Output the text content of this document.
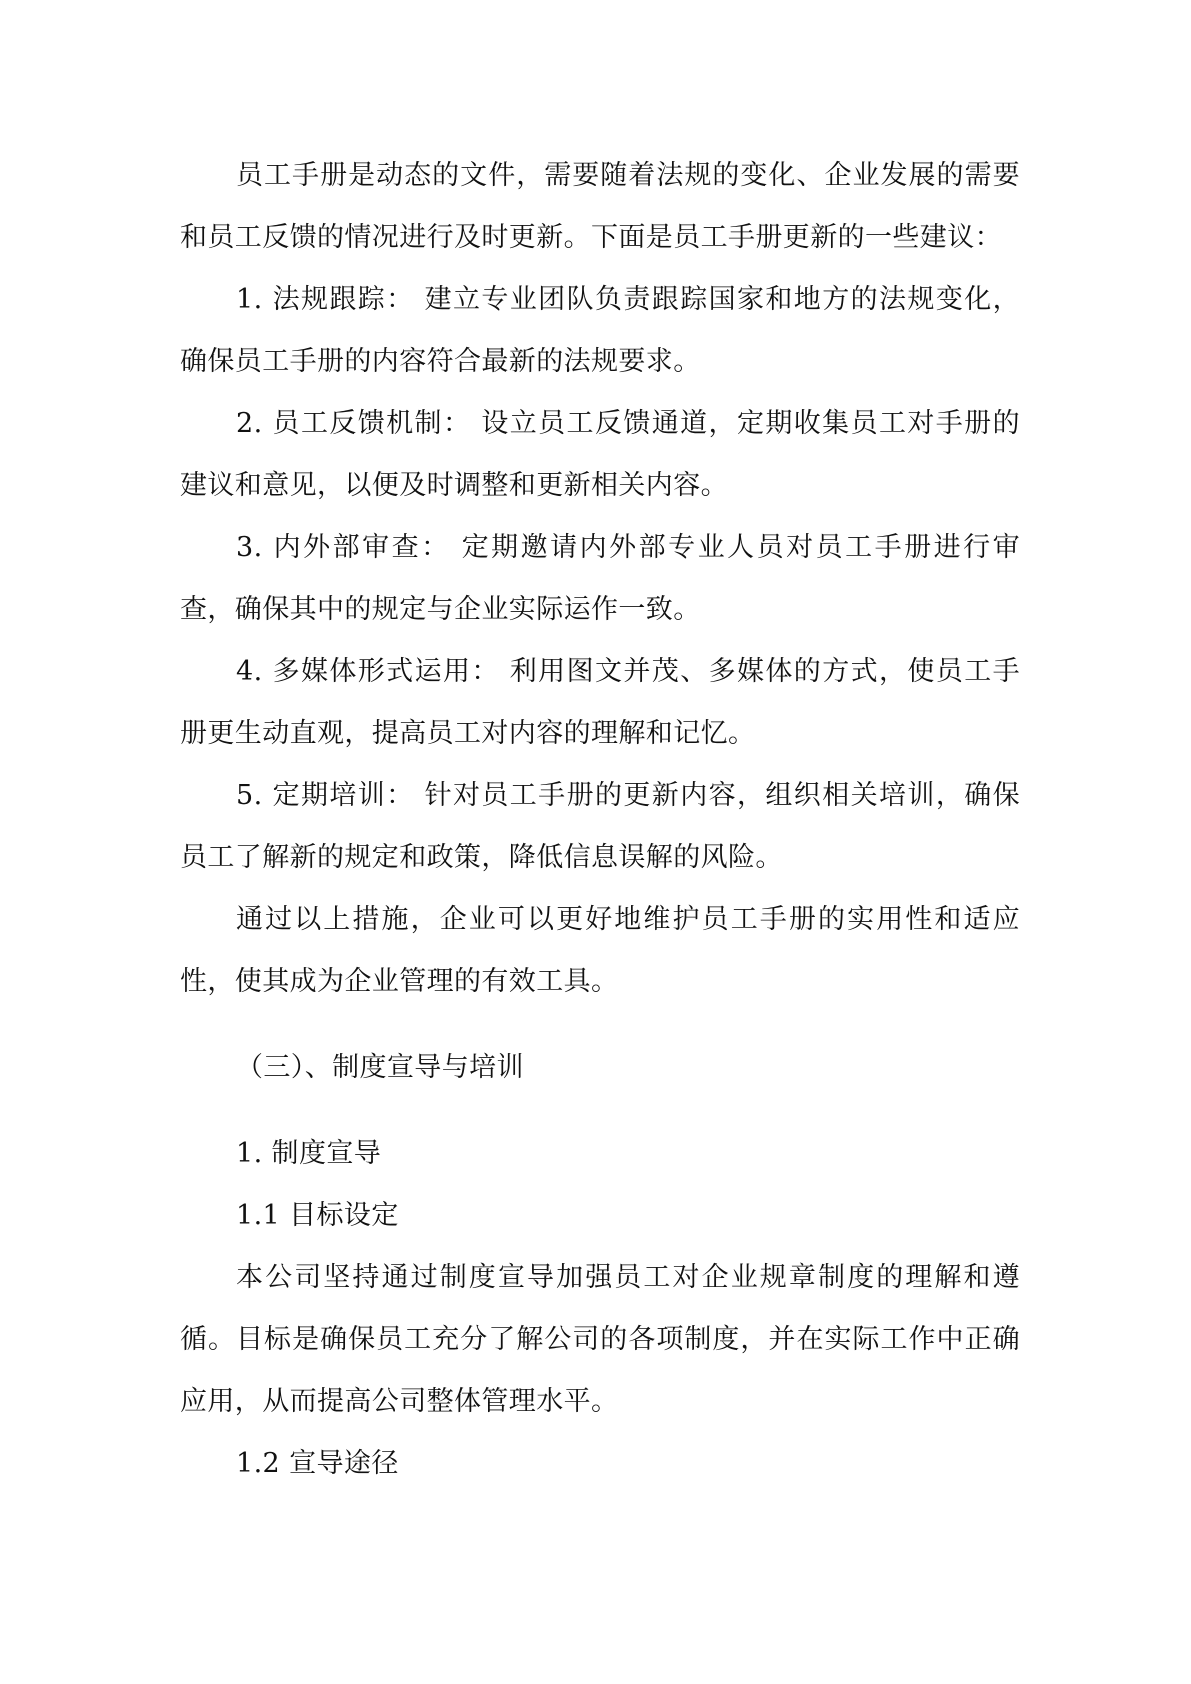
员工手册是动态的文件，需要随着法规的变化、企业发展的需要和员工反馈的情况进行及时更新。下面是员工手册更新的一些建议：

1. 法规跟踪： 建立专业团队负责跟踪国家和地方的法规变化，确保员工手册的内容符合最新的法规要求。

2. 员工反馈机制： 设立员工反馈通道，定期收集员工对手册的建议和意见，以便及时调整和更新相关内容。

3. 内外部审查： 定期邀请内外部专业人员对员工手册进行审查，确保其中的规定与企业实际运作一致。

4. 多媒体形式运用： 利用图文并茂、多媒体的方式，使员工手册更生动直观，提高员工对内容的理解和记忆。

5. 定期培训： 针对员工手册的更新内容，组织相关培训，确保员工了解新的规定和政策，降低信息误解的风险。

通过以上措施，企业可以更好地维护员工手册的实用性和适应性，使其成为企业管理的有效工具。

（三）、制度宣导与培训

1. 制度宣导

1.1 目标设定

本公司坚持通过制度宣导加强员工对企业规章制度的理解和遵循。目标是确保员工充分了解公司的各项制度，并在实际工作中正确应用，从而提高公司整体管理水平。

1.2 宣导途径
